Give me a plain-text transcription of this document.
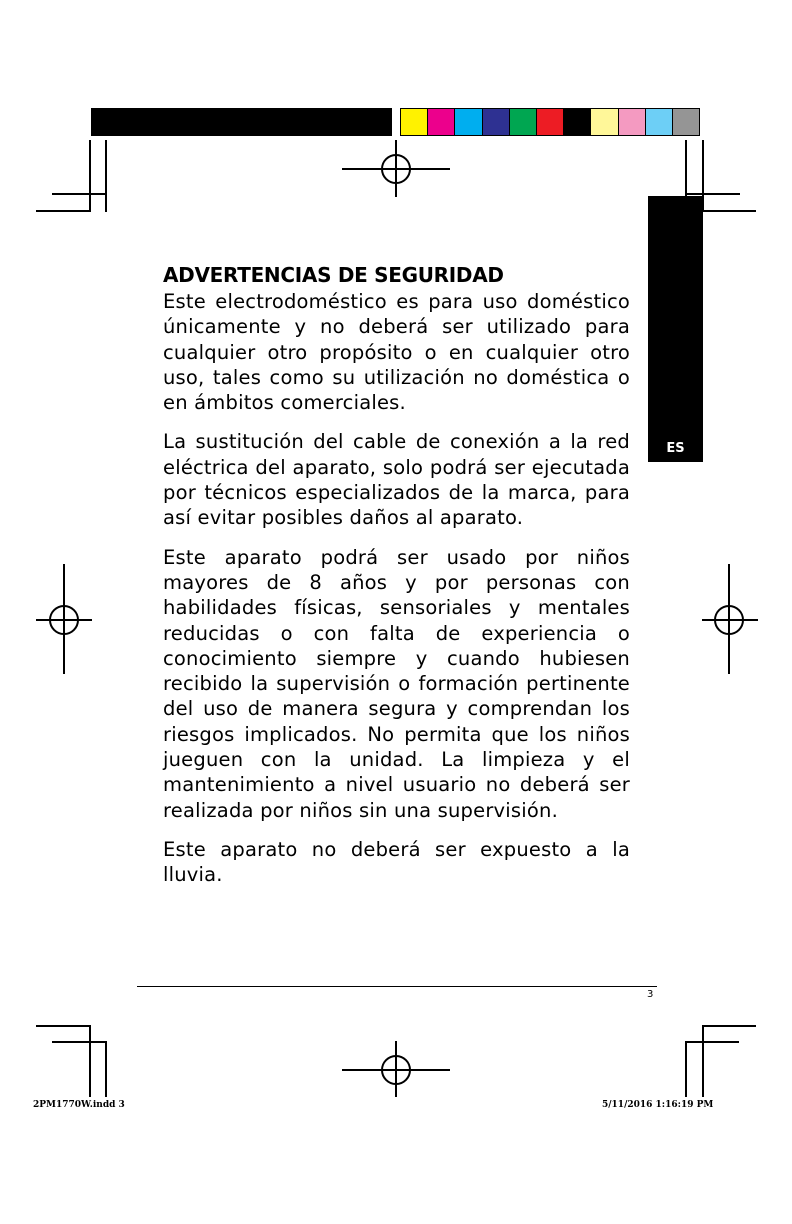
ES
ADVERTENCIAS DE SEGURIDAD

Este electrodoméstico es para uso doméstico únicamente y no deberá ser utilizado para cualquier otro propósito o en cualquier otro uso, tales como su utilización no doméstica o en ámbitos comerciales.

La sustitución del cable de conexión a la red eléctrica del aparato, solo podrá ser ejecutada por técnicos especializados de la marca, para así evitar posibles daños al aparato.

Este aparato podrá ser usado por niños mayores de 8 años y por personas con habilidades físicas, sensoriales y mentales reducidas o con falta de experiencia o conocimiento siempre y cuando hubiesen recibido la supervisión o formación pertinente del uso de manera segura y comprendan los riesgos implicados. No permita que los niños jueguen con la unidad. La limpieza y el mantenimiento a nivel usuario no deberá ser realizada por niños sin una supervisión.

Este aparato no deberá ser expuesto a la lluvia.

3
2PM1770W.indd 3	5/11/2016 1:16:19 PM
